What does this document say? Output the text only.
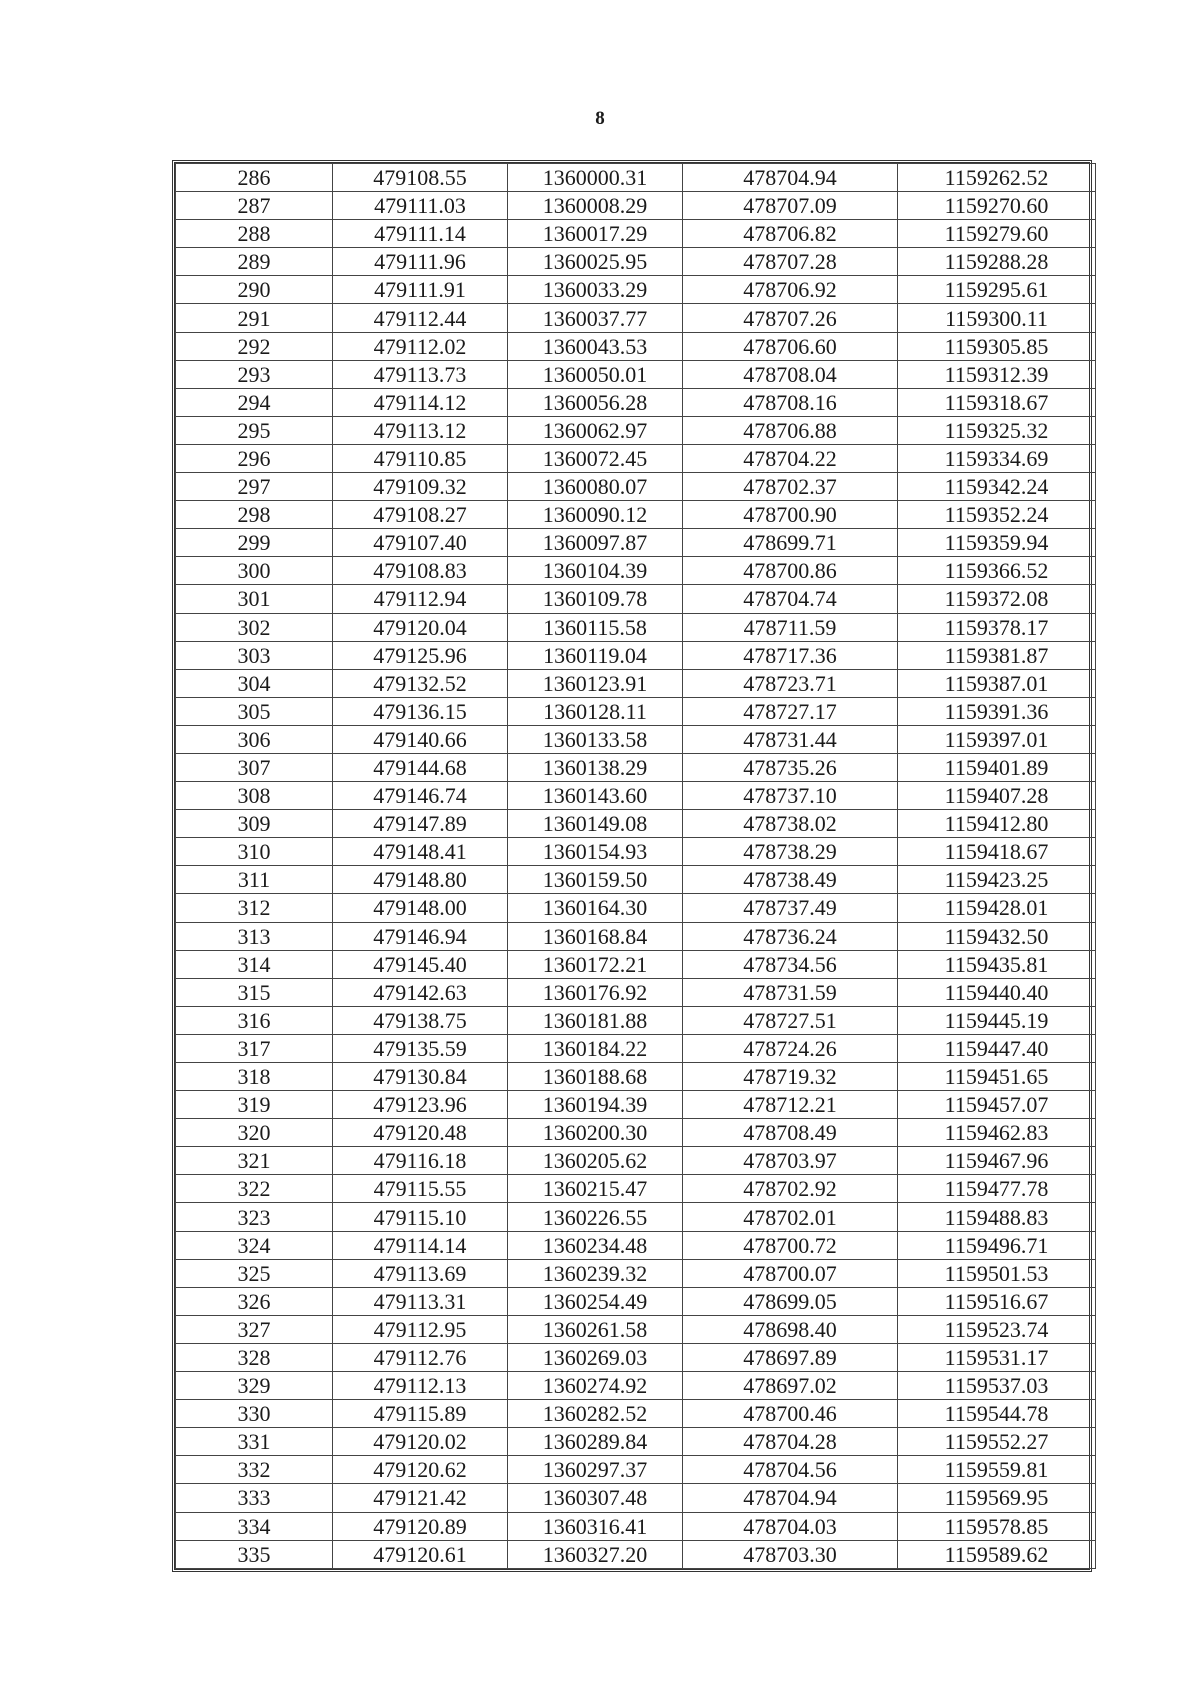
8
286	479108.55	1360000.31	478704.94	1159262.52
287	479111.03	1360008.29	478707.09	1159270.60
288	479111.14	1360017.29	478706.82	1159279.60
289	479111.96	1360025.95	478707.28	1159288.28
290	479111.91	1360033.29	478706.92	1159295.61
291	479112.44	1360037.77	478707.26	1159300.11
292	479112.02	1360043.53	478706.60	1159305.85
293	479113.73	1360050.01	478708.04	1159312.39
294	479114.12	1360056.28	478708.16	1159318.67
295	479113.12	1360062.97	478706.88	1159325.32
296	479110.85	1360072.45	478704.22	1159334.69
297	479109.32	1360080.07	478702.37	1159342.24
298	479108.27	1360090.12	478700.90	1159352.24
299	479107.40	1360097.87	478699.71	1159359.94
300	479108.83	1360104.39	478700.86	1159366.52
301	479112.94	1360109.78	478704.74	1159372.08
302	479120.04	1360115.58	478711.59	1159378.17
303	479125.96	1360119.04	478717.36	1159381.87
304	479132.52	1360123.91	478723.71	1159387.01
305	479136.15	1360128.11	478727.17	1159391.36
306	479140.66	1360133.58	478731.44	1159397.01
307	479144.68	1360138.29	478735.26	1159401.89
308	479146.74	1360143.60	478737.10	1159407.28
309	479147.89	1360149.08	478738.02	1159412.80
310	479148.41	1360154.93	478738.29	1159418.67
311	479148.80	1360159.50	478738.49	1159423.25
312	479148.00	1360164.30	478737.49	1159428.01
313	479146.94	1360168.84	478736.24	1159432.50
314	479145.40	1360172.21	478734.56	1159435.81
315	479142.63	1360176.92	478731.59	1159440.40
316	479138.75	1360181.88	478727.51	1159445.19
317	479135.59	1360184.22	478724.26	1159447.40
318	479130.84	1360188.68	478719.32	1159451.65
319	479123.96	1360194.39	478712.21	1159457.07
320	479120.48	1360200.30	478708.49	1159462.83
321	479116.18	1360205.62	478703.97	1159467.96
322	479115.55	1360215.47	478702.92	1159477.78
323	479115.10	1360226.55	478702.01	1159488.83
324	479114.14	1360234.48	478700.72	1159496.71
325	479113.69	1360239.32	478700.07	1159501.53
326	479113.31	1360254.49	478699.05	1159516.67
327	479112.95	1360261.58	478698.40	1159523.74
328	479112.76	1360269.03	478697.89	1159531.17
329	479112.13	1360274.92	478697.02	1159537.03
330	479115.89	1360282.52	478700.46	1159544.78
331	479120.02	1360289.84	478704.28	1159552.27
332	479120.62	1360297.37	478704.56	1159559.81
333	479121.42	1360307.48	478704.94	1159569.95
334	479120.89	1360316.41	478704.03	1159578.85
335	479120.61	1360327.20	478703.30	1159589.62
